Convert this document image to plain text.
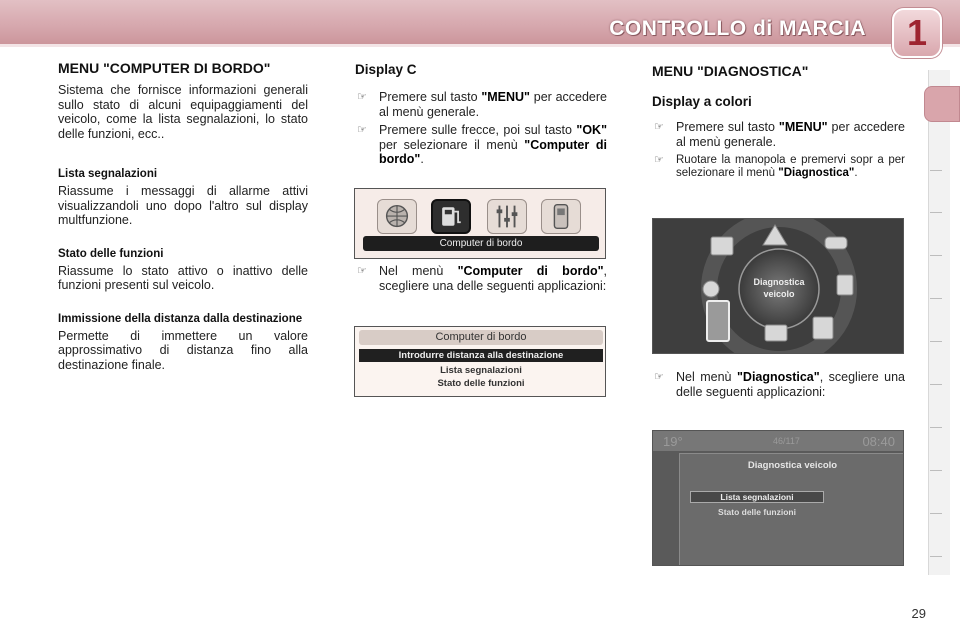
CONTROLLO di MARCIA	1
MENU "COMPUTER DI BORDO"
Sistema che fornisce informazioni generali sullo stato di alcuni equipaggiamenti del veicolo, come la lista segnalazioni, lo stato delle funzioni, ecc..
Lista segnalazioni
Riassume i messaggi di allarme attivi visualizzandoli uno dopo l'altro sul display multfunzione.
Stato delle funzioni
Riassume lo stato attivo o inattivo delle funzioni presenti sul veicolo.
Immissione della distanza dalla destinazione
Permette di immettere un valore approssimativo di distanza fino alla destinazione finale.
Display C
☞ Premere sul tasto "MENU" per accedere al menù generale.
☞ Premere sulle frecce, poi sul tasto "OK" per selezionare il menù "Computer di bordo".
Computer di bordo
☞ Nel menù "Computer di bordo", scegliere una delle seguenti applicazioni:
Computer di bordo
Introdurre distanza alla destinazione
Lista segnalazioni
Stato delle funzioni
MENU "DIAGNOSTICA"
Display a colori
☞ Premere sul tasto "MENU" per accedere al menù generale.
☞ Ruotare la manopola e premervi sopr a per selezionare il menù "Diagnostica".
Diagnostica
veicolo
☞ Nel menù "Diagnostica", scegliere una delle seguenti applicazioni:
19°	46/117	08:40
Diagnostica veicolo
Lista segnalazioni
Stato delle funzioni
29
